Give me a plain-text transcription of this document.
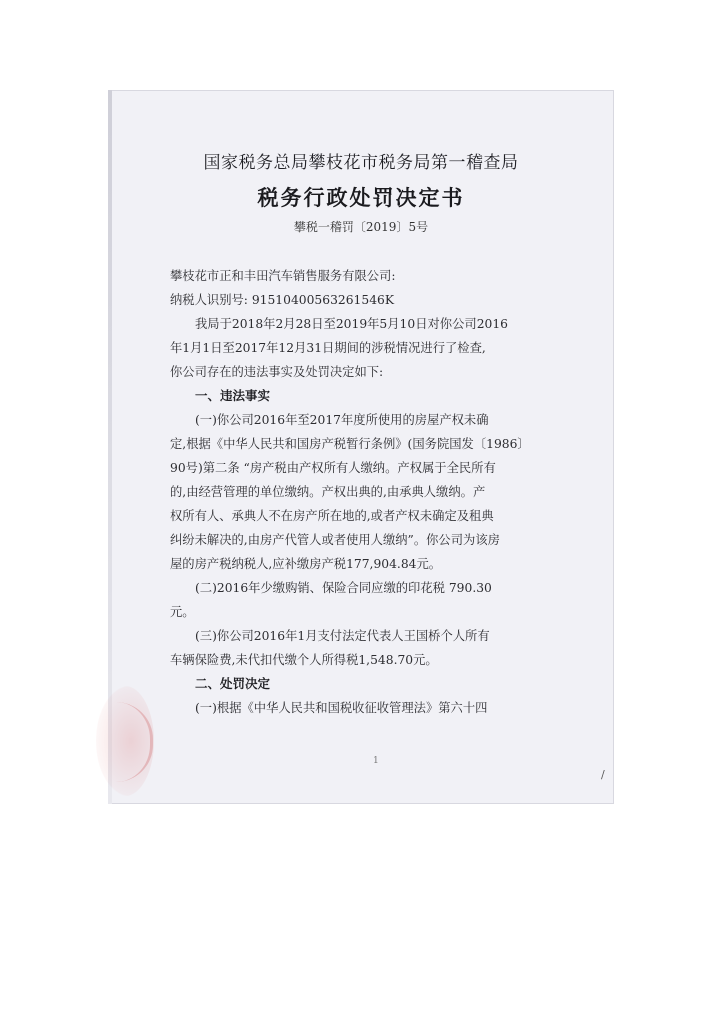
国家税务总局攀枝花市税务局第一稽查局
税务行政处罚决定书
攀税一稽罚〔2019〕5号
攀枝花市正和丰田汽车销售服务有限公司:
纳税人识别号: 91510400563261546K
我局于2018年2月28日至2019年5月10日对你公司2016
年1月1日至2017年12月31日期间的涉税情况进行了检查,
你公司存在的违法事实及处罚决定如下:
一、违法事实
(一)你公司2016年至2017年度所使用的房屋产权未确
定,根据《中华人民共和国房产税暂行条例》(国务院国发〔1986〕
90号)第二条 “房产税由产权所有人缴纳。产权属于全民所有
的,由经营管理的单位缴纳。产权出典的,由承典人缴纳。产
权所有人、承典人不在房产所在地的,或者产权未确定及租典
纠纷未解决的,由房产代管人或者使用人缴纳”。你公司为该房
屋的房产税纳税人,应补缴房产税177,904.84元。
(二)2016年少缴购销、保险合同应缴的印花税 790.30
元。
(三)你公司2016年1月支付法定代表人王国桥个人所有
车辆保险费,未代扣代缴个人所得税1,548.70元。
二、处罚决定
(一)根据《中华人民共和国税收征收管理法》第六十四
1
/
